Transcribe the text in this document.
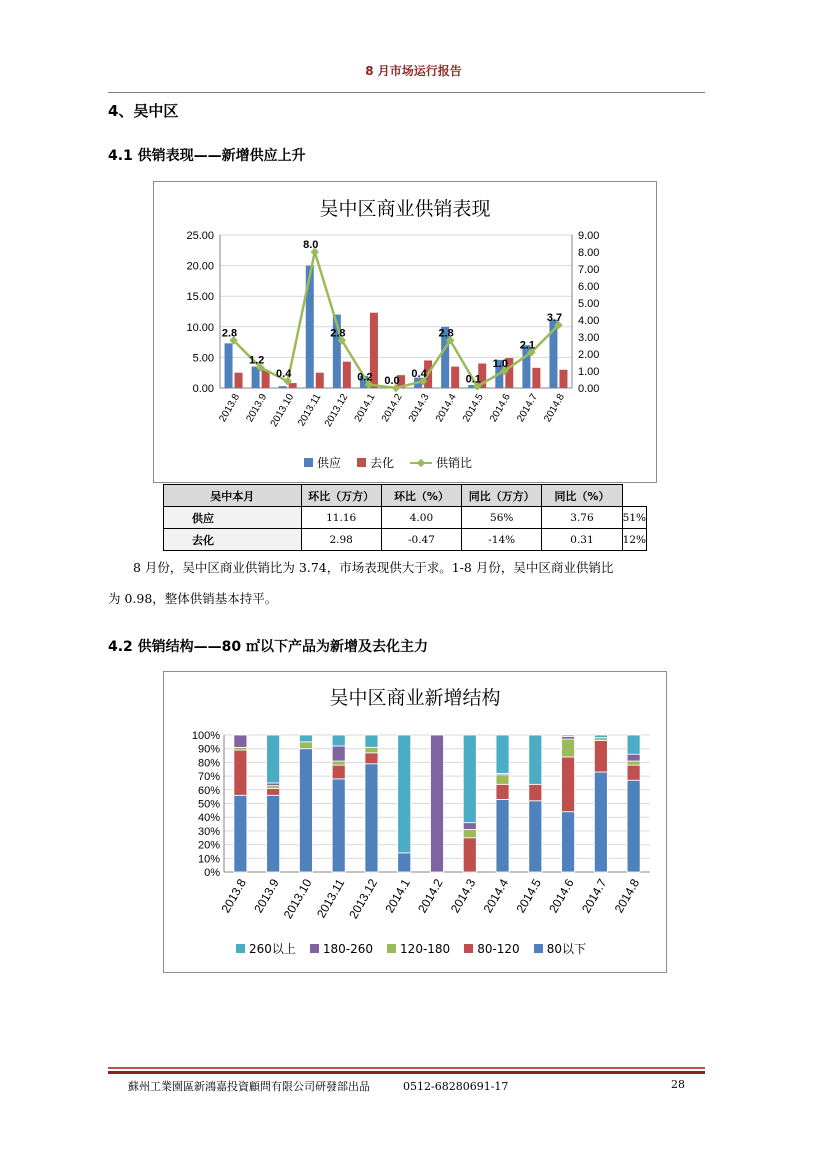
8 月市场运行报告
4、吴中区
4.1 供销表现——新增供应上升
吴中区商业供销表现
0.00
5.00
10.00
15.00
20.00
25.00
0.00
1.00
2.00
3.00
4.00
5.00
6.00
7.00
8.00
9.00
2013.8 2013.9 2013.10 2013.11 2013.12 2014.1 2014.2 2014.3 2014.4 2014.5 2014.6 2014.7 2014.8
2.8
1.2
0.4
8.0
2.8
0.2 0.0
0.4
2.8
0.1
1.0
2.1
3.7
供应 去化	供销比
吴中本月	环比（万方）	环比（%）	同比（万方）	同比（%）	
供应	11.16	4.00	56%	3.76	51%
去化	2.98	-0.47	-14%	0.31	12%
8 月份，吴中区商业供销比为 3.74，市场表现供大于求。1-8 月份，吴中区商业供销比
为 0.98，整体供销基本持平。
4.2 供销结构——80 ㎡以下产品为新增及去化主力
吴中区商业新增结构
0%
10%
20%
30%
40%
50%
60%
70%
80%
90%
100%
2013.8 2013.9
2013.10 2013.11
2013.12 2014.1 2014.2 2014.3 2014.4 2014.5 2014.6 2014.7 2014.8
260以上 180-260 120-180 80-120 80以下
蘇州工業園區新鴻嘉投資顧問有限公司研發部出品	0512-68280691-17	28
